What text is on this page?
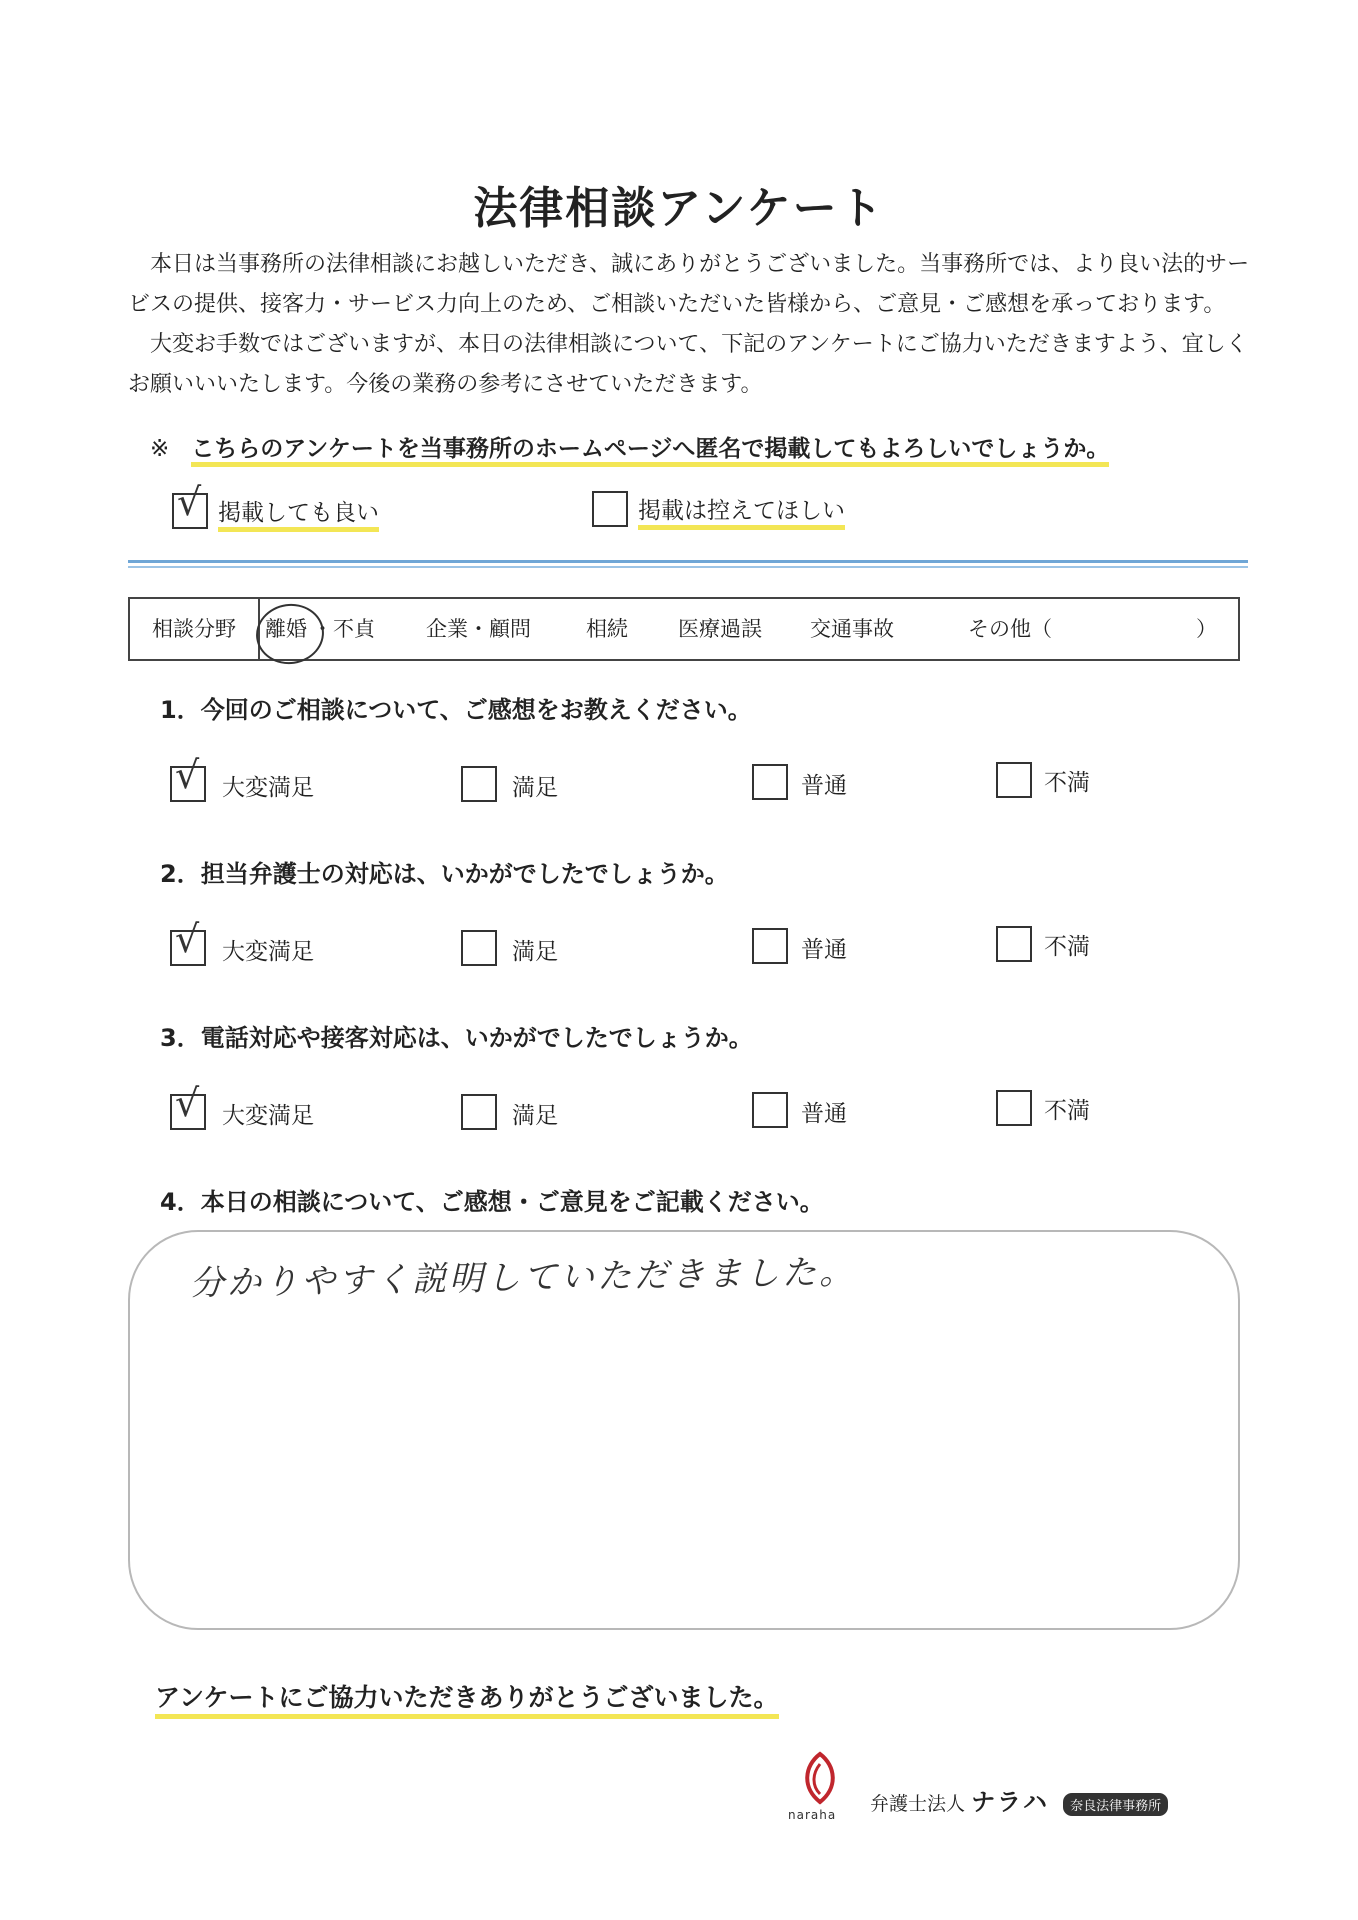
法律相談アンケート
本日は当事務所の法律相談にお越しいただき、誠にありがとうございました。当事務所では、より良い法的サービスの提供、接客力・サービス力向上のため、ご相談いただいた皆様から、ご意見・ご感想を承っております。
大変お手数ではございますが、本日の法律相談について、下記のアンケートにご協力いただきますよう、宜しくお願いいいたします。今後の業務の参考にさせていただきます。
※ こちらのアンケートを当事務所のホームページへ匿名で掲載してもよろしいでしょうか。
√ 掲載しても良い	掲載は控えてほしい
相談分野	離婚 ・不貞 企業・顧問	相続 医療過誤 交通事故	その他（	）
1．今回のご相談について、ご感想をお教えください。
√ 大変満足	満足	普通	不満
2．担当弁護士の対応は、いかがでしたでしょうか。
√ 大変満足	満足	普通	不満
3．電話対応や接客対応は、いかがでしたでしょうか。
√ 大変満足	満足	普通	不満
4．本日の相談について、ご感想・ご意見をご記載ください。
分かりやすく説明していただきました。
アンケートにご協力いただきありがとうございました。
naraha 弁護士法人 ナラハ 奈良法律事務所
